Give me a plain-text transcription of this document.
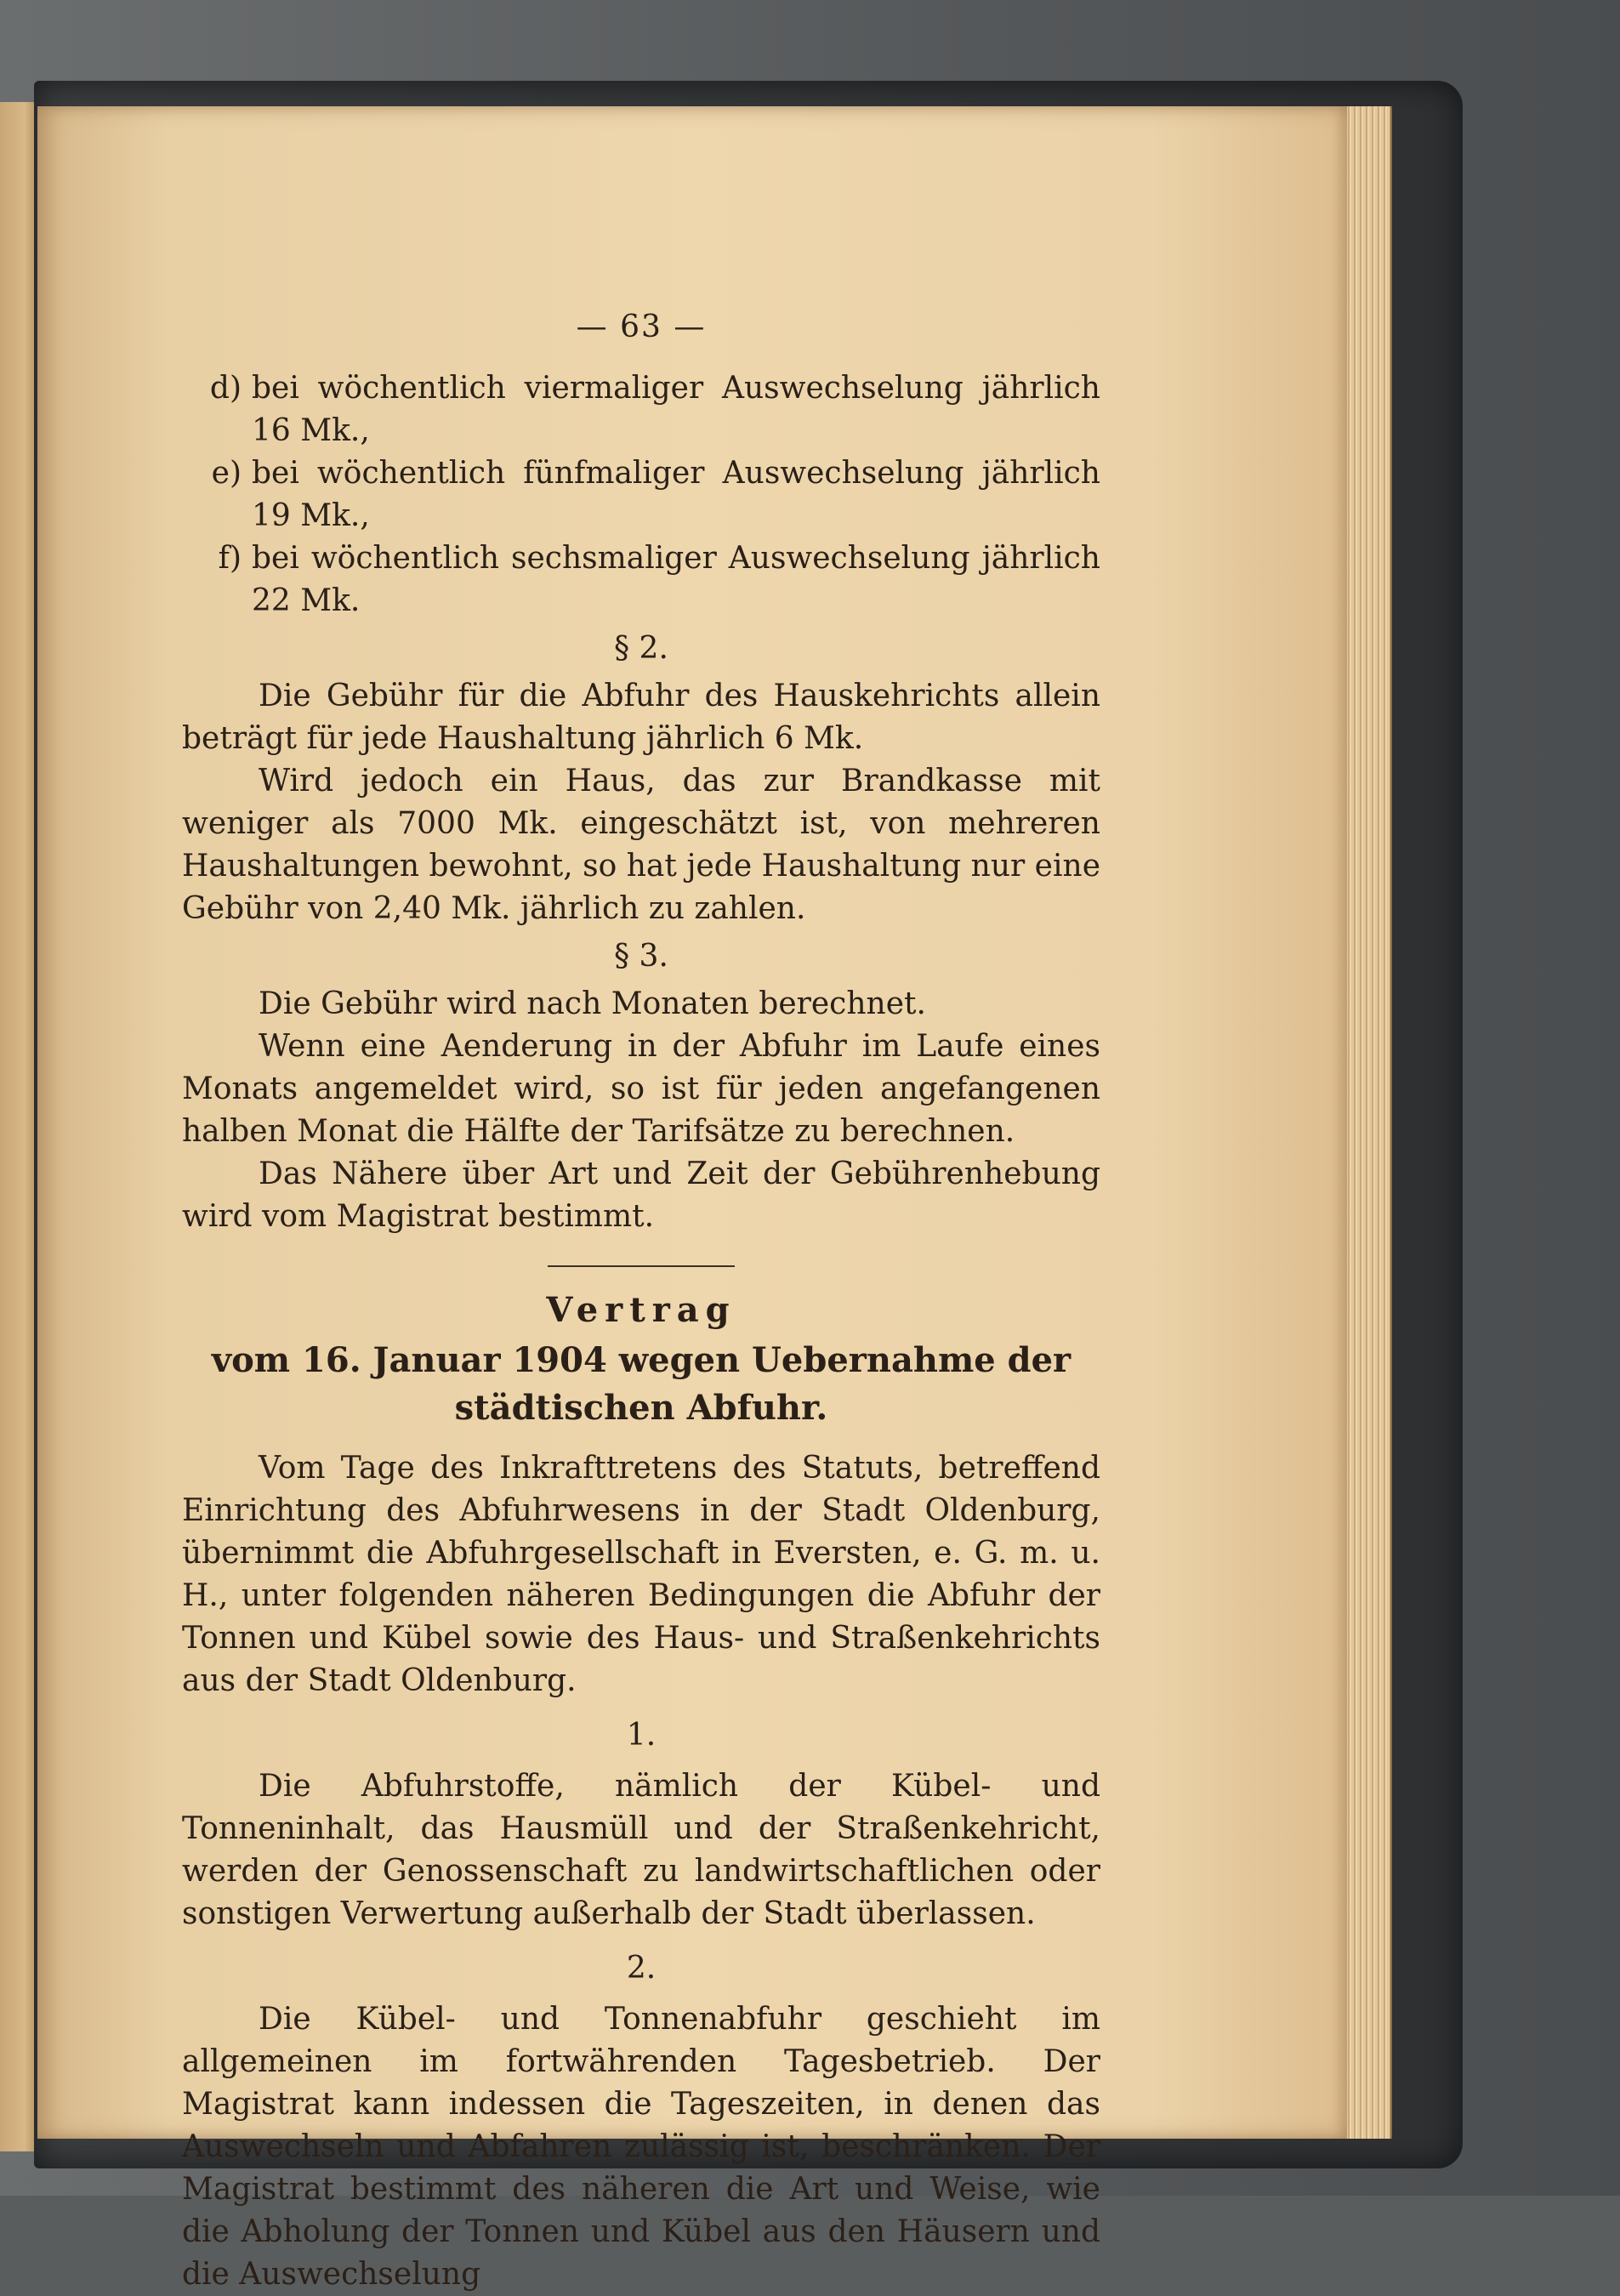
— 63 —
d) bei wöchentlich viermaliger Auswechselung jährlich 16 Mk.,
e) bei wöchentlich fünfmaliger Auswechselung jährlich 19 Mk.,
f) bei wöchentlich sechsmaliger Auswechselung jährlich 22 Mk.
§ 2.

Die Gebühr für die Abfuhr des Hauskehrichts allein beträgt für jede Haushaltung jährlich 6 Mk.

Wird jedoch ein Haus, das zur Brandkasse mit weniger als 7000 Mk. eingeschätzt ist, von mehreren Haushaltungen bewohnt, so hat jede Haushaltung nur eine Gebühr von 2,40 Mk. jährlich zu zahlen.

§ 3.

Die Gebühr wird nach Monaten berechnet.

Wenn eine Aenderung in der Abfuhr im Laufe eines Monats angemeldet wird, so ist für jeden angefangenen halben Monat die Hälfte der Tarifsätze zu berechnen.

Das Nähere über Art und Zeit der Gebührenhebung wird vom Magistrat bestimmt.

Vertrag
vom 16. Januar 1904 wegen Uebernahme der städtischen Abfuhr.

Vom Tage des Inkrafttretens des Statuts, betreffend Einrichtung des Abfuhrwesens in der Stadt Oldenburg, übernimmt die Abfuhrgesellschaft in Eversten, e. G. m. u. H., unter folgenden näheren Bedingungen die Abfuhr der Tonnen und Kübel sowie des Haus- und Straßenkehrichts aus der Stadt Oldenburg.

1.

Die Abfuhrstoffe, nämlich der Kübel- und Tonneninhalt, das Hausmüll und der Straßenkehricht, werden der Genossenschaft zu landwirtschaftlichen oder sonstigen Verwertung außerhalb der Stadt überlassen.

2.

Die Kübel- und Tonnenabfuhr geschieht im allgemeinen im fortwährenden Tagesbetrieb. Der Magistrat kann indessen die Tageszeiten, in denen das Auswechseln und Abfahren zulässig ist, beschränken. Der Magistrat bestimmt des näheren die Art und Weise, wie die Abholung der Tonnen und Kübel aus den Häusern und die Auswechselung
